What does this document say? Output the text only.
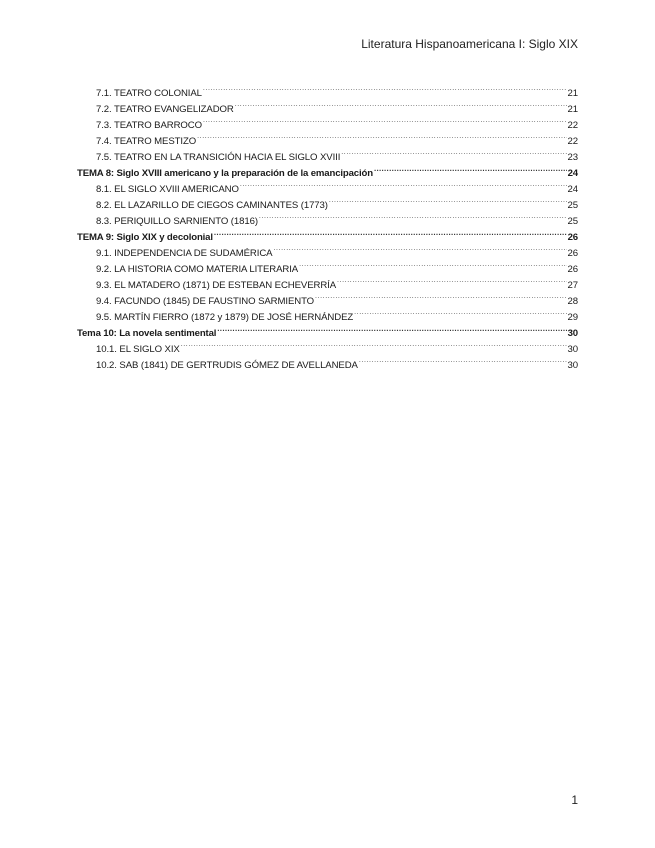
Literatura Hispanoamericana I: Siglo XIX
7.1. TEATRO COLONIAL .....	21
7.2. TEATRO EVANGELIZADOR .....	21
7.3. TEATRO BARROCO .....	22
7.4. TEATRO MESTIZO .....	22
7.5. TEATRO EN LA TRANSICIÓN HACIA EL SIGLO XVIII .....	23
TEMA 8: Siglo XVIII americano y la preparación de la emancipación .....	24
8.1. EL SIGLO XVIII AMERICANO .....	24
8.2. EL LAZARILLO DE CIEGOS CAMINANTES (1773) .....	25
8.3. PERIQUILLO SARNIENTO (1816) .....	25
TEMA 9: Siglo XIX y decolonial .....	26
9.1. INDEPENDENCIA DE SUDAMÉRICA .....	26
9.2. LA HISTORIA COMO MATERIA LITERARIA .....	26
9.3. EL MATADERO (1871) DE ESTEBAN ECHEVERRÍA .....	27
9.4. FACUNDO (1845) DE FAUSTINO SARMIENTO .....	28
9.5. MARTÍN FIERRO (1872 y 1879) DE JOSÉ HERNÁNDEZ .....	29
Tema 10: La novela sentimental .....	30
10.1. EL SIGLO XIX .....	30
10.2. SAB (1841) DE GERTRUDIS GÓMEZ DE AVELLANEDA .....	30
1
